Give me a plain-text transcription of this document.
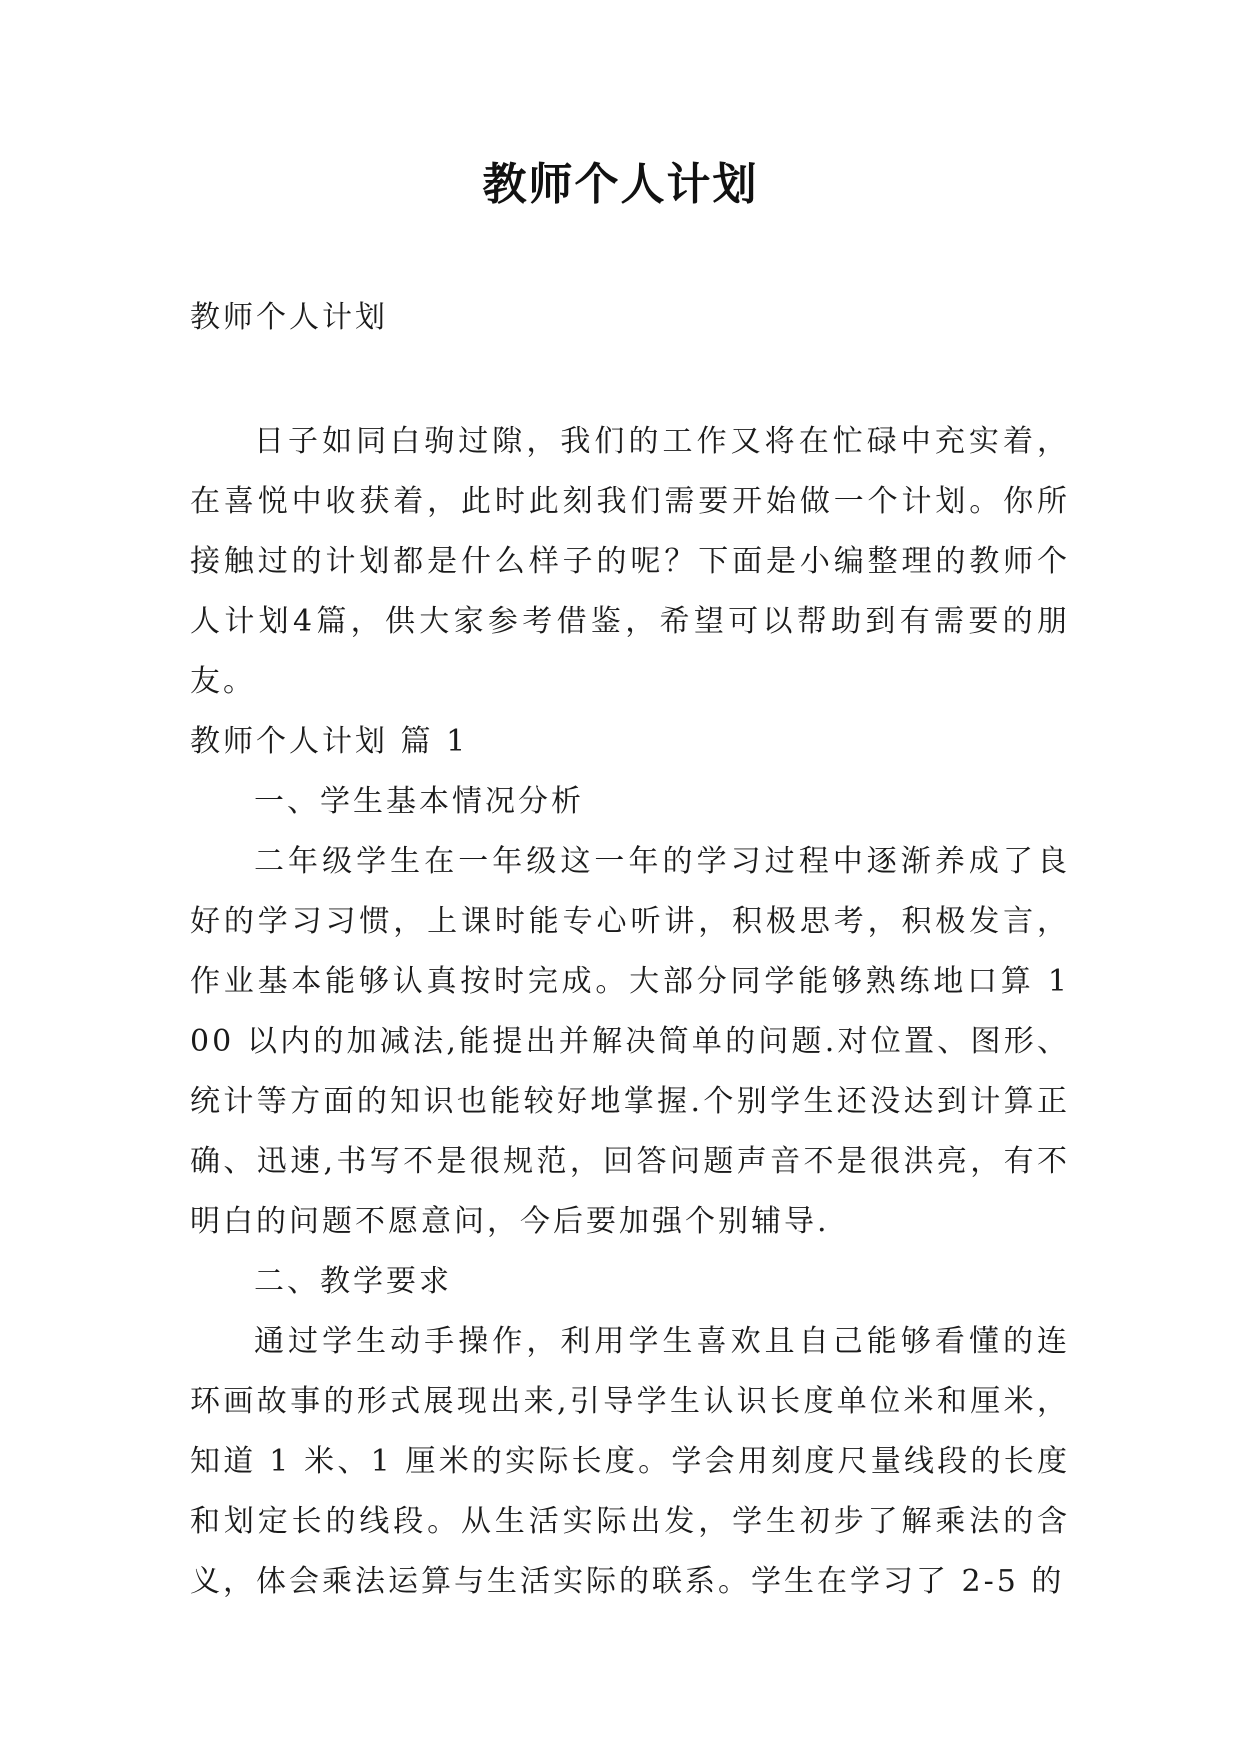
教师个人计划

教师个人计划

日子如同白驹过隙，我们的工作又将在忙碌中充实着，在喜悦中收获着，此时此刻我们需要开始做一个计划。你所接触过的计划都是什么样子的呢？下面是小编整理的教师个人计划4篇，供大家参考借鉴，希望可以帮助到有需要的朋友。

教师个人计划 篇 1

一、学生基本情况分析

二年级学生在一年级这一年的学习过程中逐渐养成了良好的学习习惯，上课时能专心听讲，积极思考，积极发言，作业基本能够认真按时完成。大部分同学能够熟练地口算 100 以内的加减法,能提出并解决简单的问题.对位置、图形、统计等方面的知识也能较好地掌握.个别学生还没达到计算正确、迅速,书写不是很规范，回答问题声音不是很洪亮，有不明白的问题不愿意问，今后要加强个别辅导.

二、教学要求

通过学生动手操作，利用学生喜欢且自己能够看懂的连环画故事的形式展现出来,引导学生认识长度单位米和厘米，知道 1 米、1 厘米的实际长度。学会用刻度尺量线段的长度和划定长的线段。从生活实际出发，学生初步了解乘法的含义，体会乘法运算与生活实际的联系。学生在学习了 2-5 的
